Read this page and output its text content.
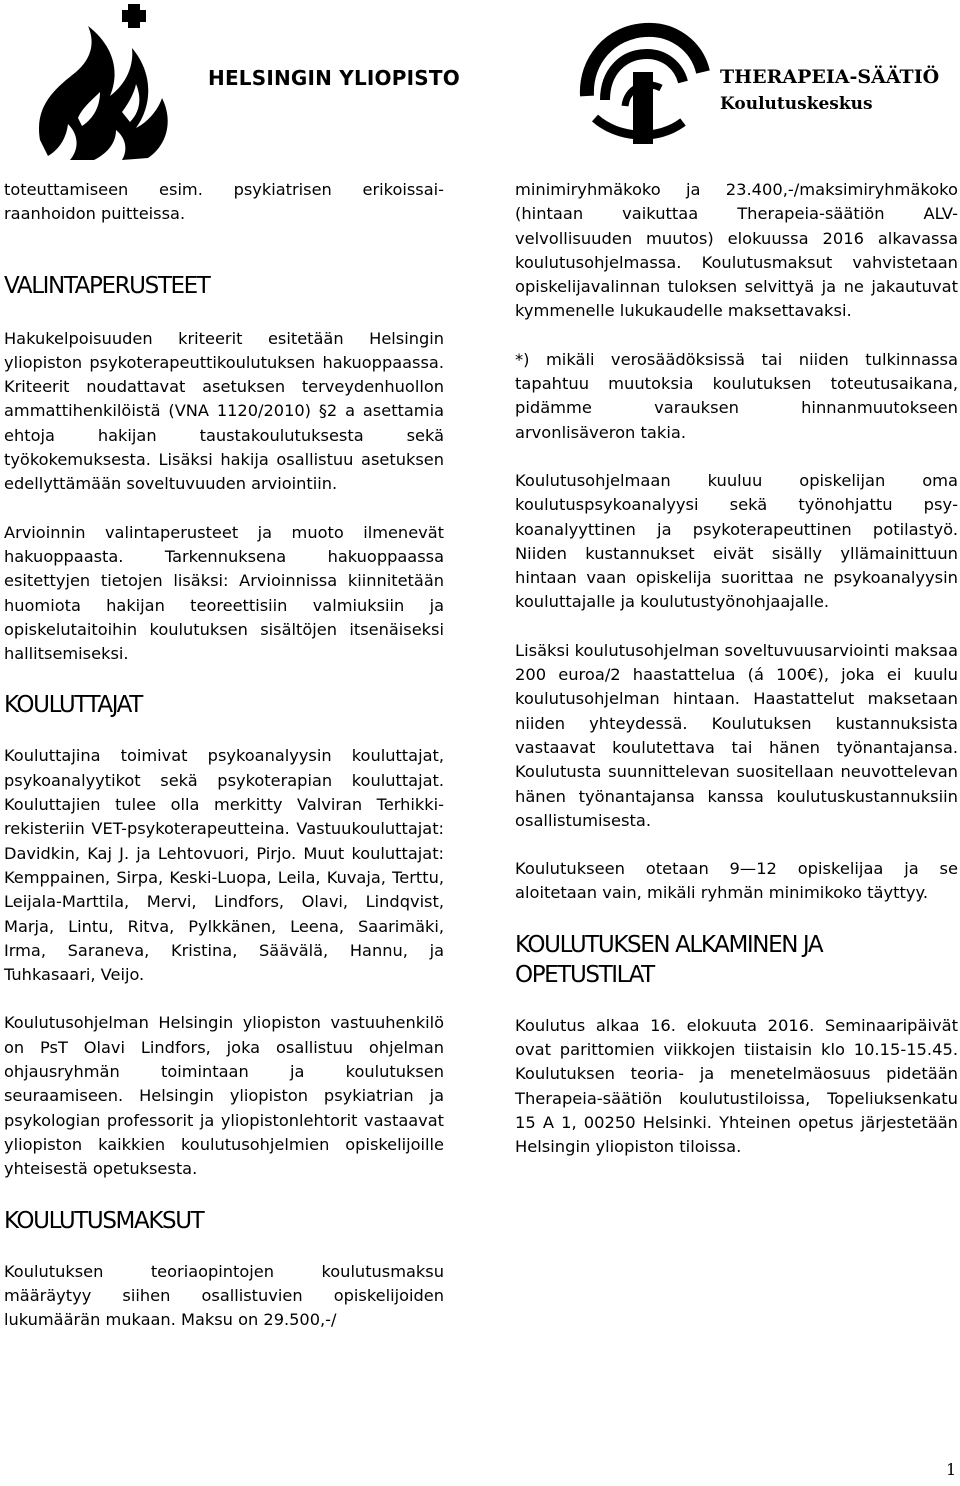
HELSINGIN YLIOPISTO	THERAPEIA-SÄÄTIÖ
Koulutuskeskus

toteuttamiseen esim. psykiatrisen erikoissairaanhoidon puitteissa.

VALINTAPERUSTEET

Hakukelpoisuuden kriteerit esitetään Helsingin yliopiston psykoterapeuttikoulutuksen hakuoppaassa. Kriteerit noudattavat asetuksen terveydenhuollon ammattihenkilöistä (VNA 1120/2010) §2 a asettamia ehtoja hakijan taustakoulutuksesta sekä työkokemuksesta. Lisäksi hakija osallistuu asetuksen edellyttämään soveltuvuuden arviointiin.

Arvioinnin valintaperusteet ja muoto ilmenevät hakuoppaasta. Tarkennuksena hakuoppaassa esitettyjen tietojen lisäksi: Arvioinnissa kiinnitetään huomiota hakijan teoreettisiin valmiuksiin ja opiskelutaitoihin koulutuksen sisältöjen itsenäiseksi hallitsemiseksi.

KOULUTTAJAT

Kouluttajina toimivat psykoanalyysin kouluttajat, psykoanalyytikot sekä psykoterapian kouluttajat. Kouluttajien tulee olla merkitty Valviran Terhikki-rekisteriin VET-psykoterapeutteina. Vastuukouluttajat: Davidkin, Kaj J. ja Lehtovuori, Pirjo. Muut kouluttajat: Kemppainen, Sirpa, Keski-Luopa, Leila, Kuvaja, Terttu, Leijala-Marttila, Mervi, Lindfors, Olavi, Lindqvist, Marja, Lintu, Ritva, Pylkkänen, Leena, Saarimäki, Irma, Saraneva, Kristina, Säävälä, Hannu, ja Tuhkasaari, Veijo.

Koulutusohjelman Helsingin yliopiston vastuuhenkilö on PsT Olavi Lindfors, joka osallistuu ohjelman ohjausryhmän toimintaan ja koulutuksen seuraamiseen. Helsingin yliopiston psykiatrian ja psykologian professorit ja yliopistonlehtorit vastaavat yliopiston kaikkien koulutusohjelmien opiskelijoille yhteisestä opetuksesta.

KOULUTUSMAKSUT

Koulutuksen teoriaopintojen koulutusmaksu määräytyy siihen osallistuvien opiskelijoiden lukumäärän mukaan. Maksu on 29.500,-/

minimiryhmäkoko ja 23.400,-/maksimiryhmäkoko (hintaan vaikuttaa Therapeia-säätiön ALV-velvollisuuden muutos) elokuussa 2016 alkavassa koulutusohjelmassa. Koulutusmaksut vahvistetaan opiskelijavalinnan tuloksen selvittyä ja ne jakautuvat kymmenelle lukukaudelle maksettavaksi.

*) mikäli verosäädöksissä tai niiden tulkinnassa tapahtuu muutoksia koulutuksen toteutusaikana, pidämme varauksen hinnanmuutokseen arvonlisäveron takia.

Koulutusohjelmaan kuuluu opiskelijan oma koulutuspsykoanalyysi sekä työnohjattu psykoanalyyttinen ja psykoterapeuttinen potilastyö. Niiden kustannukset eivät sisälly yllämainittuun hintaan vaan opiskelija suorittaa ne psykoanalyysin kouluttajalle ja koulutustyönohjaajalle.

Lisäksi koulutusohjelman soveltuvuusarviointi maksaa 200 euroa/2 haastattelua (á 100€), joka ei kuulu koulutusohjelman hintaan. Haastattelut maksetaan niiden yhteydessä. Koulutuksen kustannuksista vastaavat koulutettava tai hänen työnantajansa. Koulutusta suunnittelevan suositellaan neuvottelevan hänen työnantajansa kanssa koulutuskustannuksiin osallistumisesta.

Koulutukseen otetaan 9—12 opiskelijaa ja se aloitetaan vain, mikäli ryhmän minimikoko täyttyy.

KOULUTUKSEN ALKAMINEN JA OPETUSTILAT

Koulutus alkaa 16. elokuuta 2016. Seminaaripäivät ovat parittomien viikkojen tiistaisin klo 10.15-15.45. Koulutuksen teoria- ja menetelmäosuus pidetään Therapeia-säätiön koulutustiloissa, Topeliuksenkatu 15 A 1, 00250 Helsinki. Yhteinen opetus järjestetään Helsingin yliopiston tiloissa.

1
